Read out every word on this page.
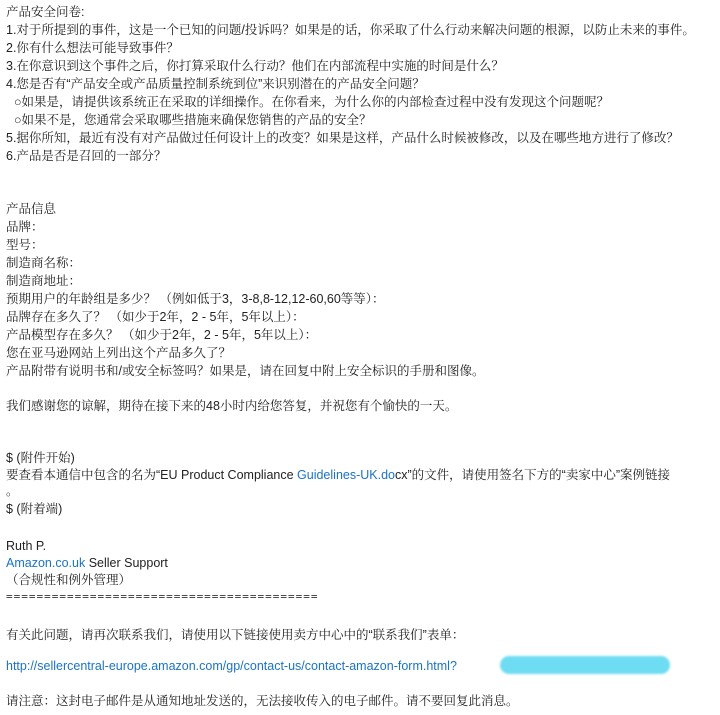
产品安全问卷:
1.对于所提到的事件，这是一个已知的问题/投诉吗？如果是的话，你采取了什么行动来解决问题的根源，以防止未来的事件。
2.你有什么想法可能导致事件？
3.在你意识到这个事件之后，你打算采取什么行动？他们在内部流程中实施的时间是什么？
4.您是否有“产品安全或产品质量控制系统到位”来识别潜在的产品安全问题？
○如果是，请提供该系统正在采取的详细操作。在你看来，为什么你的内部检查过程中没有发现这个问题呢？
○如果不是，您通常会采取哪些措施来确保您销售的产品的安全？
5.据你所知，最近有没有对产品做过任何设计上的改变？如果是这样，产品什么时候被修改，以及在哪些地方进行了修改？
6.产品是否是召回的一部分？
产品信息
品牌：
型号：
制造商名称：
制造商地址：
预期用户的年龄组是多少？ （例如低于3，3-8,8-12,12-60,60等等）：
品牌存在多久了？ （如少于2年，2 - 5年，5年以上）：
产品模型存在多久？ （如少于2年，2 - 5年，5年以上）：
您在亚马逊网站上列出这个产品多久了？
产品附带有说明书和/或安全标签吗？如果是，请在回复中附上安全标识的手册和图像。
我们感谢您的谅解，期待在接下来的48小时内给您答复，并祝您有个愉快的一天。
$ (附件开始)
要查看本通信中包含的名为“EU Product Compliance Guidelines-UK.docx”的文件，请使用签名下方的“卖家中心”案例链接
。
$ (附着端)
Ruth P.
Amazon.co.uk Seller Support
（合规性和例外管理）
=========================================
有关此问题，请再次联系我们，请使用以下链接使用卖方中心中的“联系我们”表单：
http://sellercentral-europe.amazon.com/gp/contact-us/contact-amazon-form.html?
请注意：这封电子邮件是从通知地址发送的，无法接收传入的电子邮件。请不要回复此消息。
